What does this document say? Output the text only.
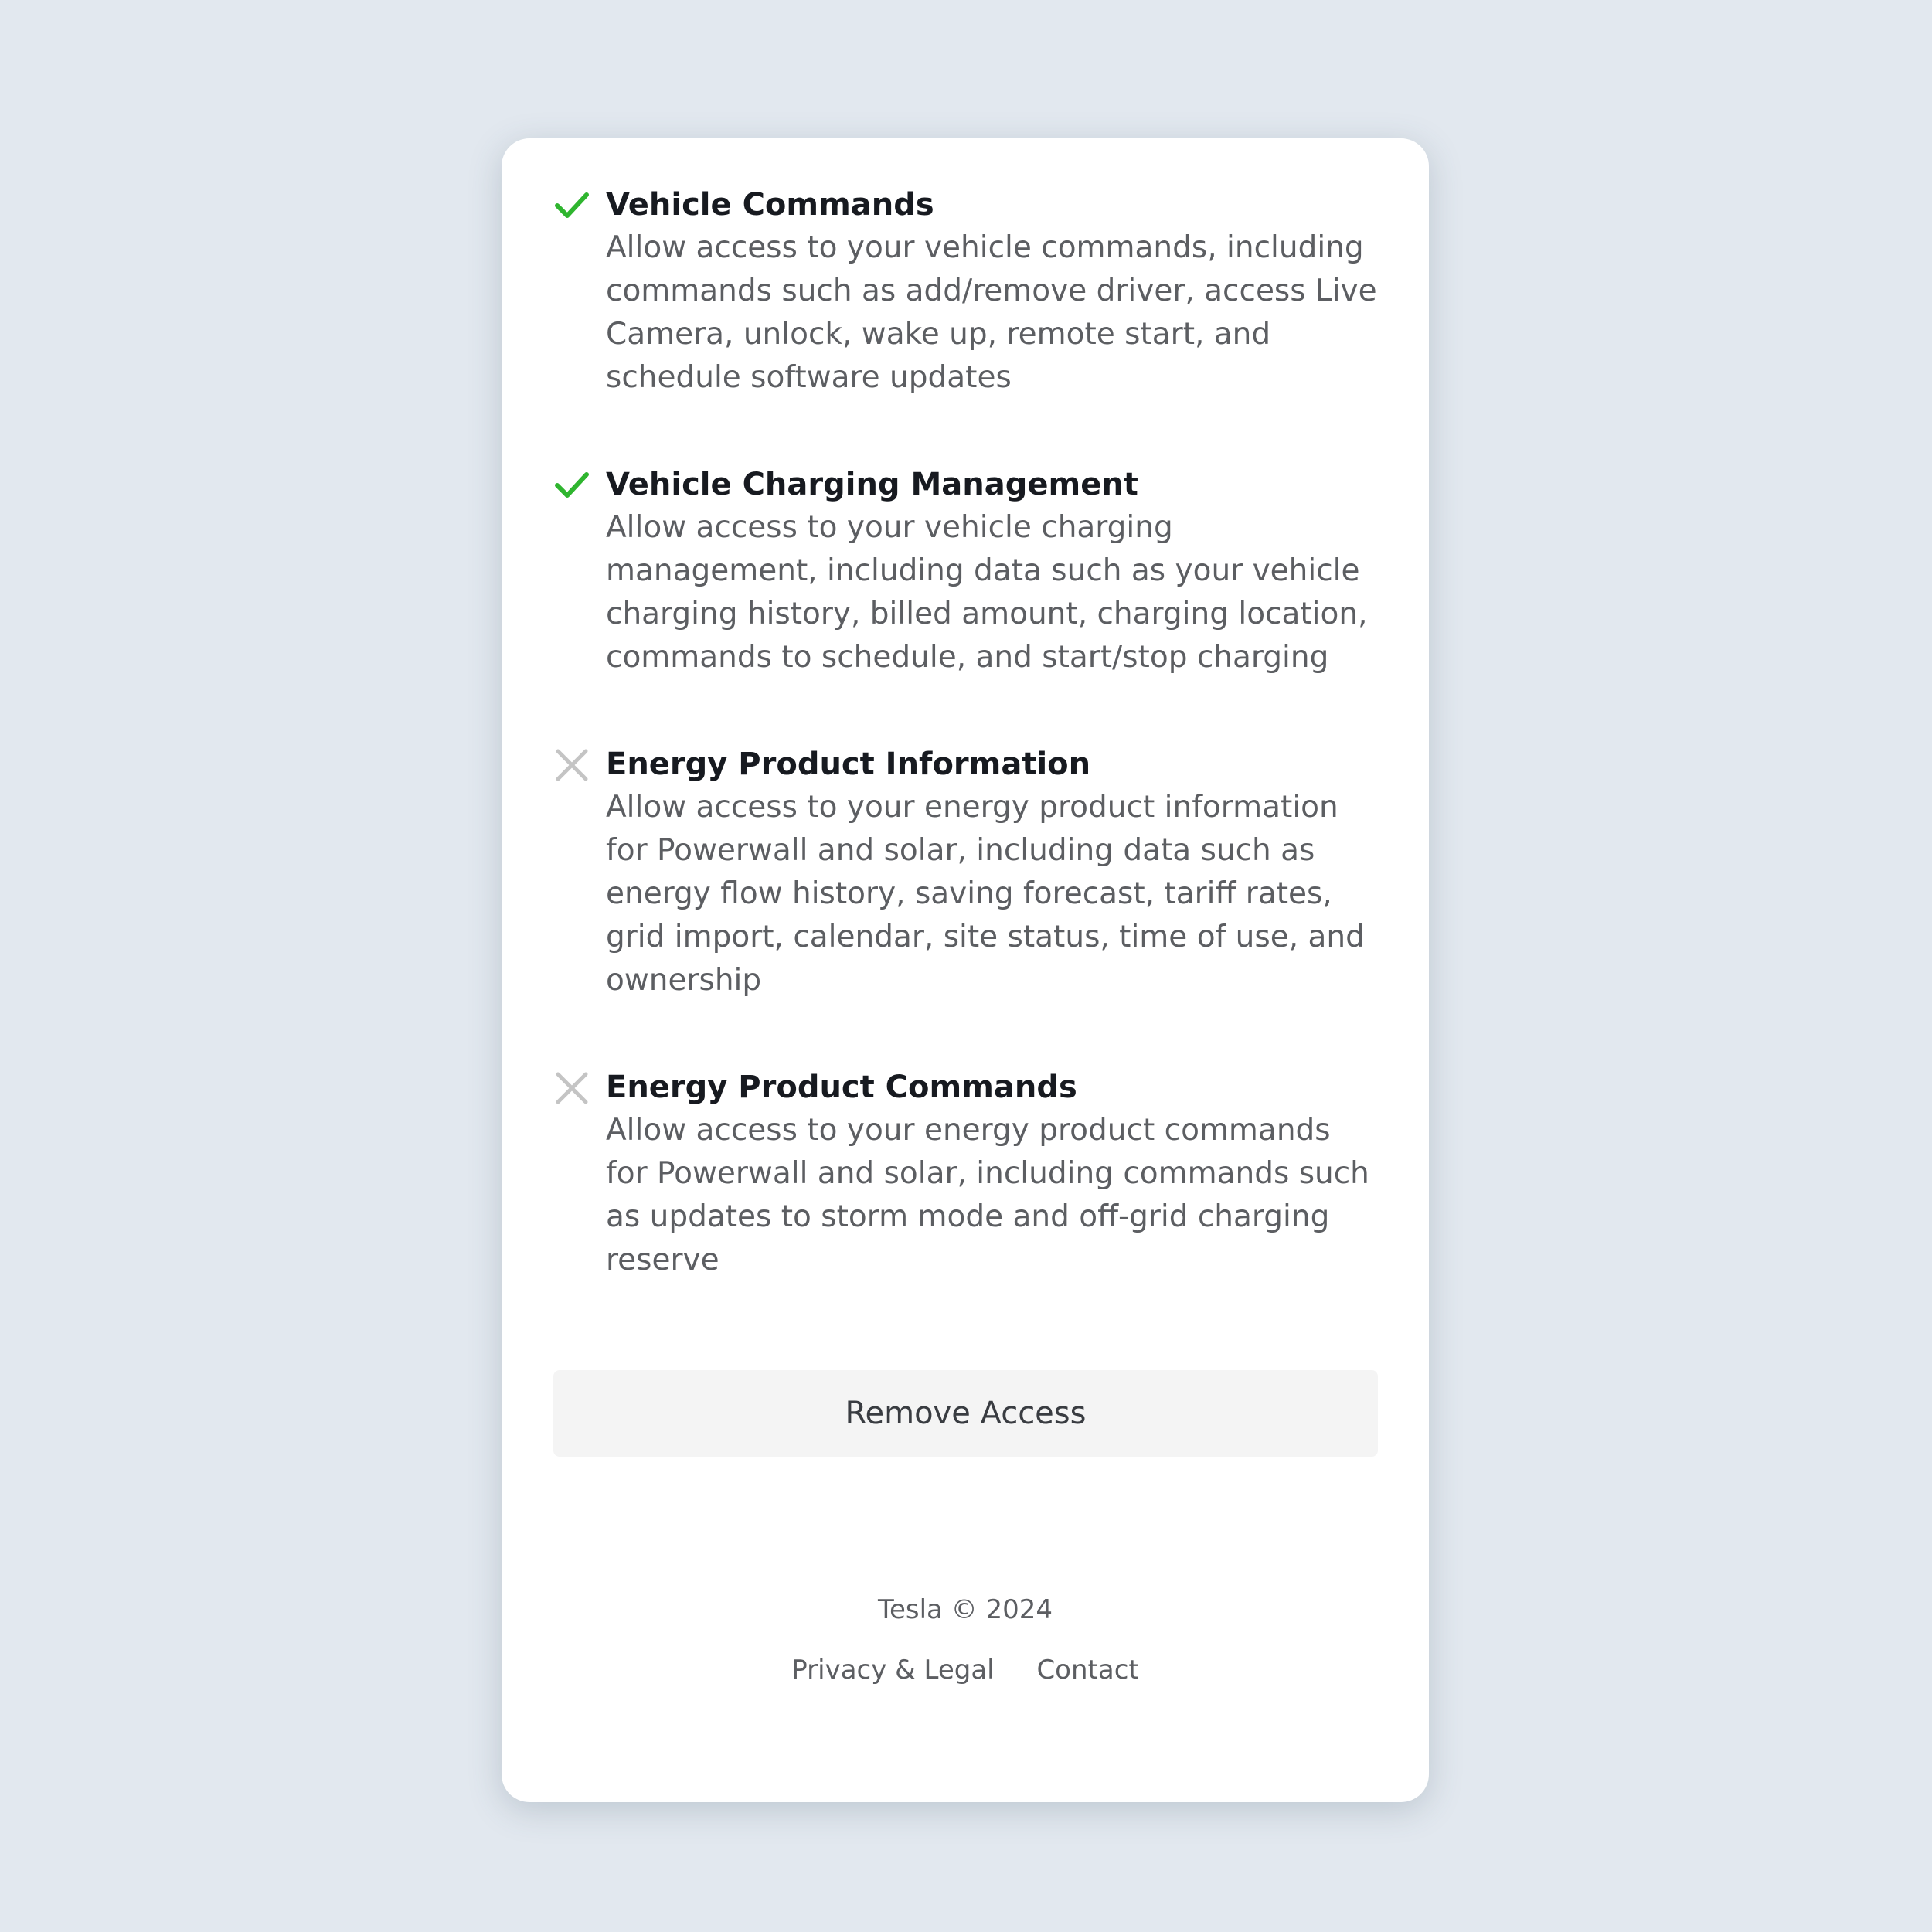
Vehicle Commands

Allow access to your vehicle commands, including commands such as add/remove driver, access Live Camera, unlock, wake up, remote start, and schedule software updates

Vehicle Charging Management

Allow access to your vehicle charging management, including data such as your vehicle charging history, billed amount, charging location, commands to schedule, and start/stop charging

Energy Product Information

Allow access to your energy product information for Powerwall and solar, including data such as energy flow history, saving forecast, tariff rates, grid import, calendar, site status, time of use, and ownership

Energy Product Commands

Allow access to your energy product commands for Powerwall and solar, including commands such as updates to storm mode and off-grid charging reserve

Remove Access

Tesla © 2024

Privacy & Legal Contact
